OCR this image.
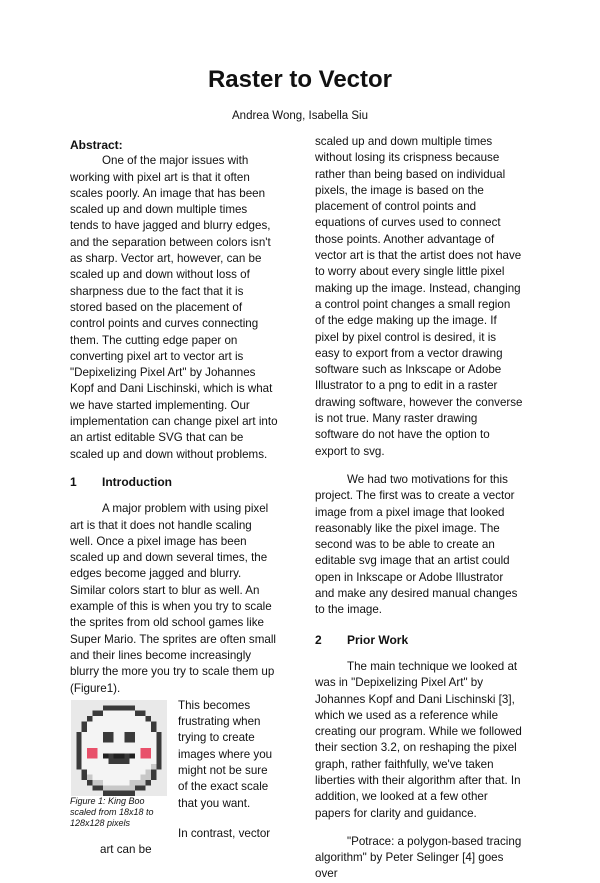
Raster to Vector

Andrea Wong, Isabella Siu

Abstract:

One of the major issues with working with pixel art is that it often scales poorly. An image that has been scaled up and down multiple times tends to have jagged and blurry edges, and the separation between colors isn't as sharp. Vector art, however, can be scaled up and down without loss of sharpness due to the fact that it is stored based on the placement of control points and curves connecting them. The cutting edge paper on converting pixel art to vector art is "Depixelizing Pixel Art" by Johannes Kopf and Dani Lischinski, which is what we have started implementing. Our implementation can change pixel art into an artist editable SVG that can be scaled up and down without problems.

1	Introduction

A major problem with using pixel art is that it does not handle scaling well. Once a pixel image has been scaled up and down several times, the edges become jagged and blurry. Similar colors start to blur as well. An example of this is when you try to scale the sprites from old school games like Super Mario. The sprites are often small and their lines become increasingly blurry the more you try to scale them up (Figure1).

Figure 1: King Boo scaled from 18x18 to 128x128 pixels

This becomes frustrating when trying to create images where you might not be sure of the exact scale that you want.

In contrast, vector art can be

scaled up and down multiple times without losing its crispness because rather than being based on individual pixels, the image is based on the placement of control points and equations of curves used to connect those points. Another advantage of vector art is that the artist does not have to worry about every single little pixel making up the image. Instead, changing a control point changes a small region of the edge making up the image. If pixel by pixel control is desired, it is easy to export from a vector drawing software such as Inkscape or Adobe Illustrator to a png to edit in a raster drawing software, however the converse is not true. Many raster drawing software do not have the option to export to svg.

We had two motivations for this project. The first was to create a vector image from a pixel image that looked reasonably like the pixel image. The second was to be able to create an editable svg image that an artist could open in Inkscape or Adobe Illustrator and make any desired manual changes to the image.

2	Prior Work

The main technique we looked at was in "Depixelizing Pixel Art" by Johannes Kopf and Dani Lischinski [3], which we used as a reference while creating our program. While we followed their section 3.2, on reshaping the pixel graph, rather faithfully, we've taken liberties with their algorithm after that. In addition, we looked at a few other papers for clarity and guidance.

"Potrace: a polygon-based tracing algorithm" by Peter Selinger [4] goes over
